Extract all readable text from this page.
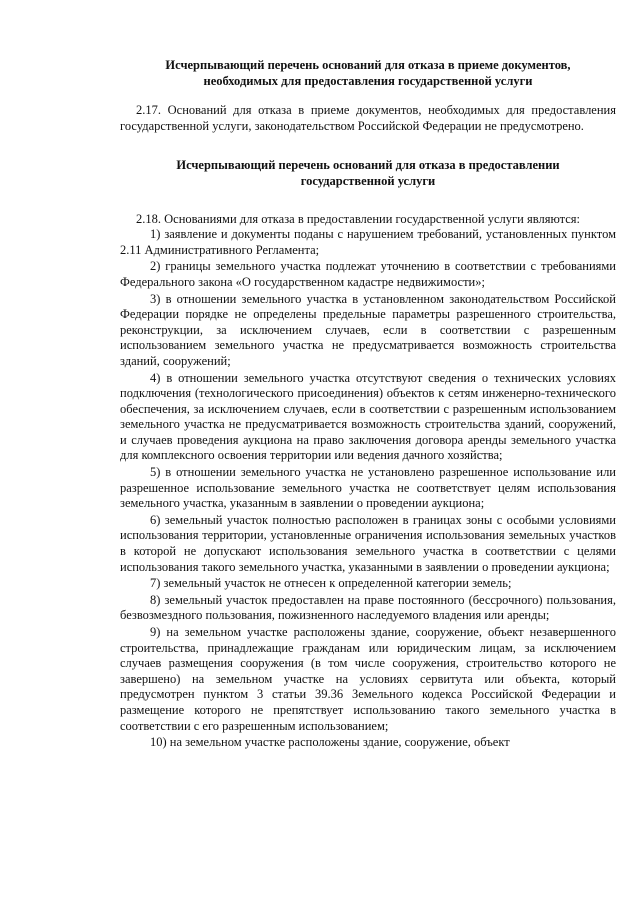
Исчерпывающий перечень оснований для отказа в приеме документов, необходимых для предоставления государственной услуги

2.17. Оснований для отказа в приеме документов, необходимых для предоставления государственной услуги, законодательством Российской Федерации не предусмотрено.

Исчерпывающий перечень оснований для отказа в предоставлении государственной услуги

2.18. Основаниями для отказа в предоставлении государственной услуги являются:

1) заявление и документы поданы с нарушением требований, установленных пунктом 2.11 Административного Регламента;

2) границы земельного участка подлежат уточнению в соответствии с требованиями Федерального закона «О государственном кадастре недвижимости»;

3) в отношении земельного участка в установленном законодательством Российской Федерации порядке не определены предельные параметры разрешенного строительства, реконструкции, за исключением случаев, если в соответствии с разрешенным использованием земельного участка не предусматривается возможность строительства зданий, сооружений;

4) в отношении земельного участка отсутствуют сведения о технических условиях подключения (технологического присоединения) объектов к сетям инженерно-технического обеспечения, за исключением случаев, если в соответствии с разрешенным использованием земельного участка не предусматривается возможность строительства зданий, сооружений, и случаев проведения аукциона на право заключения договора аренды земельного участка для комплексного освоения территории или ведения дачного хозяйства;

5) в отношении земельного участка не установлено разрешенное использование или разрешенное использование земельного участка не соответствует целям использования земельного участка, указанным в заявлении о проведении аукциона;

6) земельный участок полностью расположен в границах зоны с особыми условиями использования территории, установленные ограничения использования земельных участков в которой не допускают использования земельного участка в соответствии с целями использования такого земельного участка, указанными в заявлении о проведении аукциона;

7) земельный участок не отнесен к определенной категории земель;

8) земельный участок предоставлен на праве постоянного (бессрочного) пользования, безвозмездного пользования, пожизненного наследуемого владения или аренды;

9) на земельном участке расположены здание, сооружение, объект незавершенного строительства, принадлежащие гражданам или юридическим лицам, за исключением случаев размещения сооружения (в том числе сооружения, строительство которого не завершено) на земельном участке на условиях сервитута или объекта, который предусмотрен пунктом 3 статьи 39.36 Земельного кодекса Российской Федерации и размещение которого не препятствует использованию такого земельного участка в соответствии с его разрешенным использованием;

10) на земельном участке расположены здание, сооружение, объект
